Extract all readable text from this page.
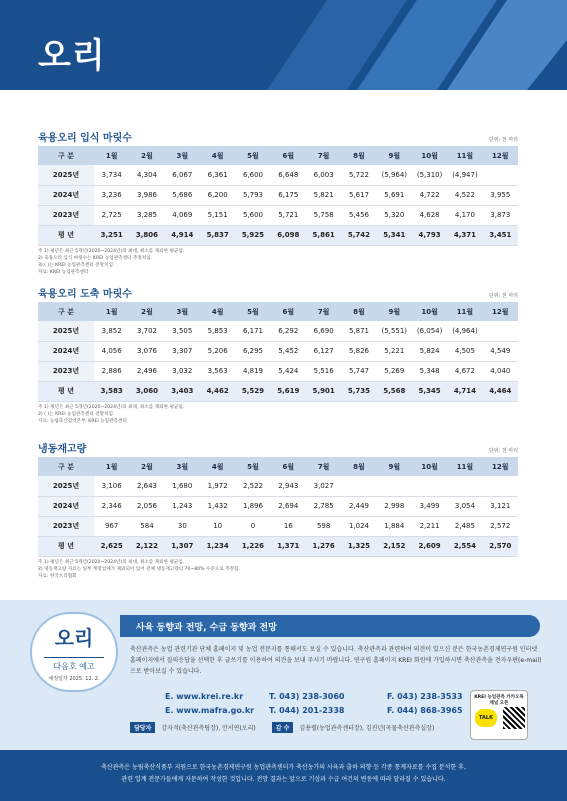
오리
육용오리 입식 마릿수	단위: 천 마리
구 분	1월	2월	3월	4월	5월	6월	7월	8월	9월	10월	11월	12월
2025년	3,734	4,304	6,067	6,361	6,600	6,648	6,003	5,722	(5,964)	(5,310)	(4,947)	
2024년	3,236	3,986	5,686	6,200	5,793	6,175	5,821	5,617	5,691	4,722	4,522	3,955
2023년	2,725	3,285	4,069	5,151	5,600	5,721	5,758	5,456	5,320	4,628	4,170	3,873
평 년	3,251	3,806	4,914	5,837	5,925	6,098	5,861	5,742	5,341	4,793	4,371	3,451
주 1) 평년은 최근 5개년(2020~2024년)의 최대, 최소를 제외한 평균임.
2) 육용오리 입식 마릿수는 KREI 농업관측센터 추정치임.
3) ( )는 KREI 농업관측센터 전망치임.
자료: KREI 농업관측센터
육용오리 도축 마릿수	단위: 천 마리
구 분	1월	2월	3월	4월	5월	6월	7월	8월	9월	10월	11월	12월
2025년	3,852	3,702	3,505	5,853	6,171	6,292	6,690	5,871	(5,551)	(6,054)	(4,964)	
2024년	4,056	3,076	3,307	5,206	6,295	5,452	6,127	5,826	5,221	5,824	4,505	4,549
2023년	2,886	2,496	3,032	3,563	4,819	5,424	5,516	5,747	5,269	5,348	4,672	4,040
평 년	3,583	3,060	3,403	4,462	5,529	5,619	5,901	5,735	5,568	5,345	4,714	4,464
주 1) 평년은 최근 5개년(2020~2024년)의 최대, 최소를 제외한 평균임.
2) ( )는 KREI 농업관측센터 전망치임.
자료: 농림축산검역본부, KREI 농업관측센터
냉동재고량	단위: 천 마리
구 분	1월	2월	3월	4월	5월	6월	7월	8월	9월	10월	11월	12월
2025년	3,106	2,643	1,680	1,972	2,522	2,943	3,027					
2024년	2,346	2,056	1,243	1,432	1,896	2,694	2,785	2,449	2,998	3,499	3,054	3,121
2023년	967	584	30	10	0	16	598	1,024	1,884	2,211	2,485	2,572
평 년	2,625	2,122	1,307	1,234	1,226	1,371	1,276	1,325	2,152	2,609	2,554	2,570
주 1) 평년은 최근 5개년(2020~2024년)의 최대, 최소를 제외한 평균임.
2) 냉동재고량 자료는 일부 계열업체가 제외되어 있어 전체 냉동재고량의 70~80% 수준으로 추정됨.
자료: 한국오리협회
오리
다음호 예고
예정일자 2025. 12. 2.
사육 동향과 전망, 수급 동향과 전망
축산관측은 농업 관련기관 단체 홈페이지 및 농업 전문지를 통해서도 보실 수 있습니다. 축산관측과 관련하여 의견이 있으신 분은 한국농촌경제연구원 인터넷 홈페이지에서 질의응답을 선택한 후 글쓰기를 이용하여 의견을 보내 주시기 바랍니다. 연구원 홈페이지 KREI 회원에 가입하시면 축산관측을 전자우편(e-mail)으로 받아보실 수 있습니다.
E. www.krei.re.kr	T. 043) 238-3060	F. 043) 238-3533
E. www.mafra.go.kr T. 044) 201-2338	F. 044) 868-3965
KREI 농업관측 카카오톡 채널 오픈
TALK
담당자	강자석(축산관측팀장), 안서연(오리)	감 수	김용렬(농업관측센터장), 김진년(곡물축산관측실장)
축산관측은 농림축산식품부 지원으로 한국농촌경제연구원 농업관측센터가 축산농가의 사육과 출하 의향 등 각종 통계자료를 수집 분석한 후,
관련 업계 전문가들에게 자문하여 작성한 것입니다. 전망 결과는 앞으로 기상과 수급 여건의 변동에 따라 달라질 수 있습니다.
